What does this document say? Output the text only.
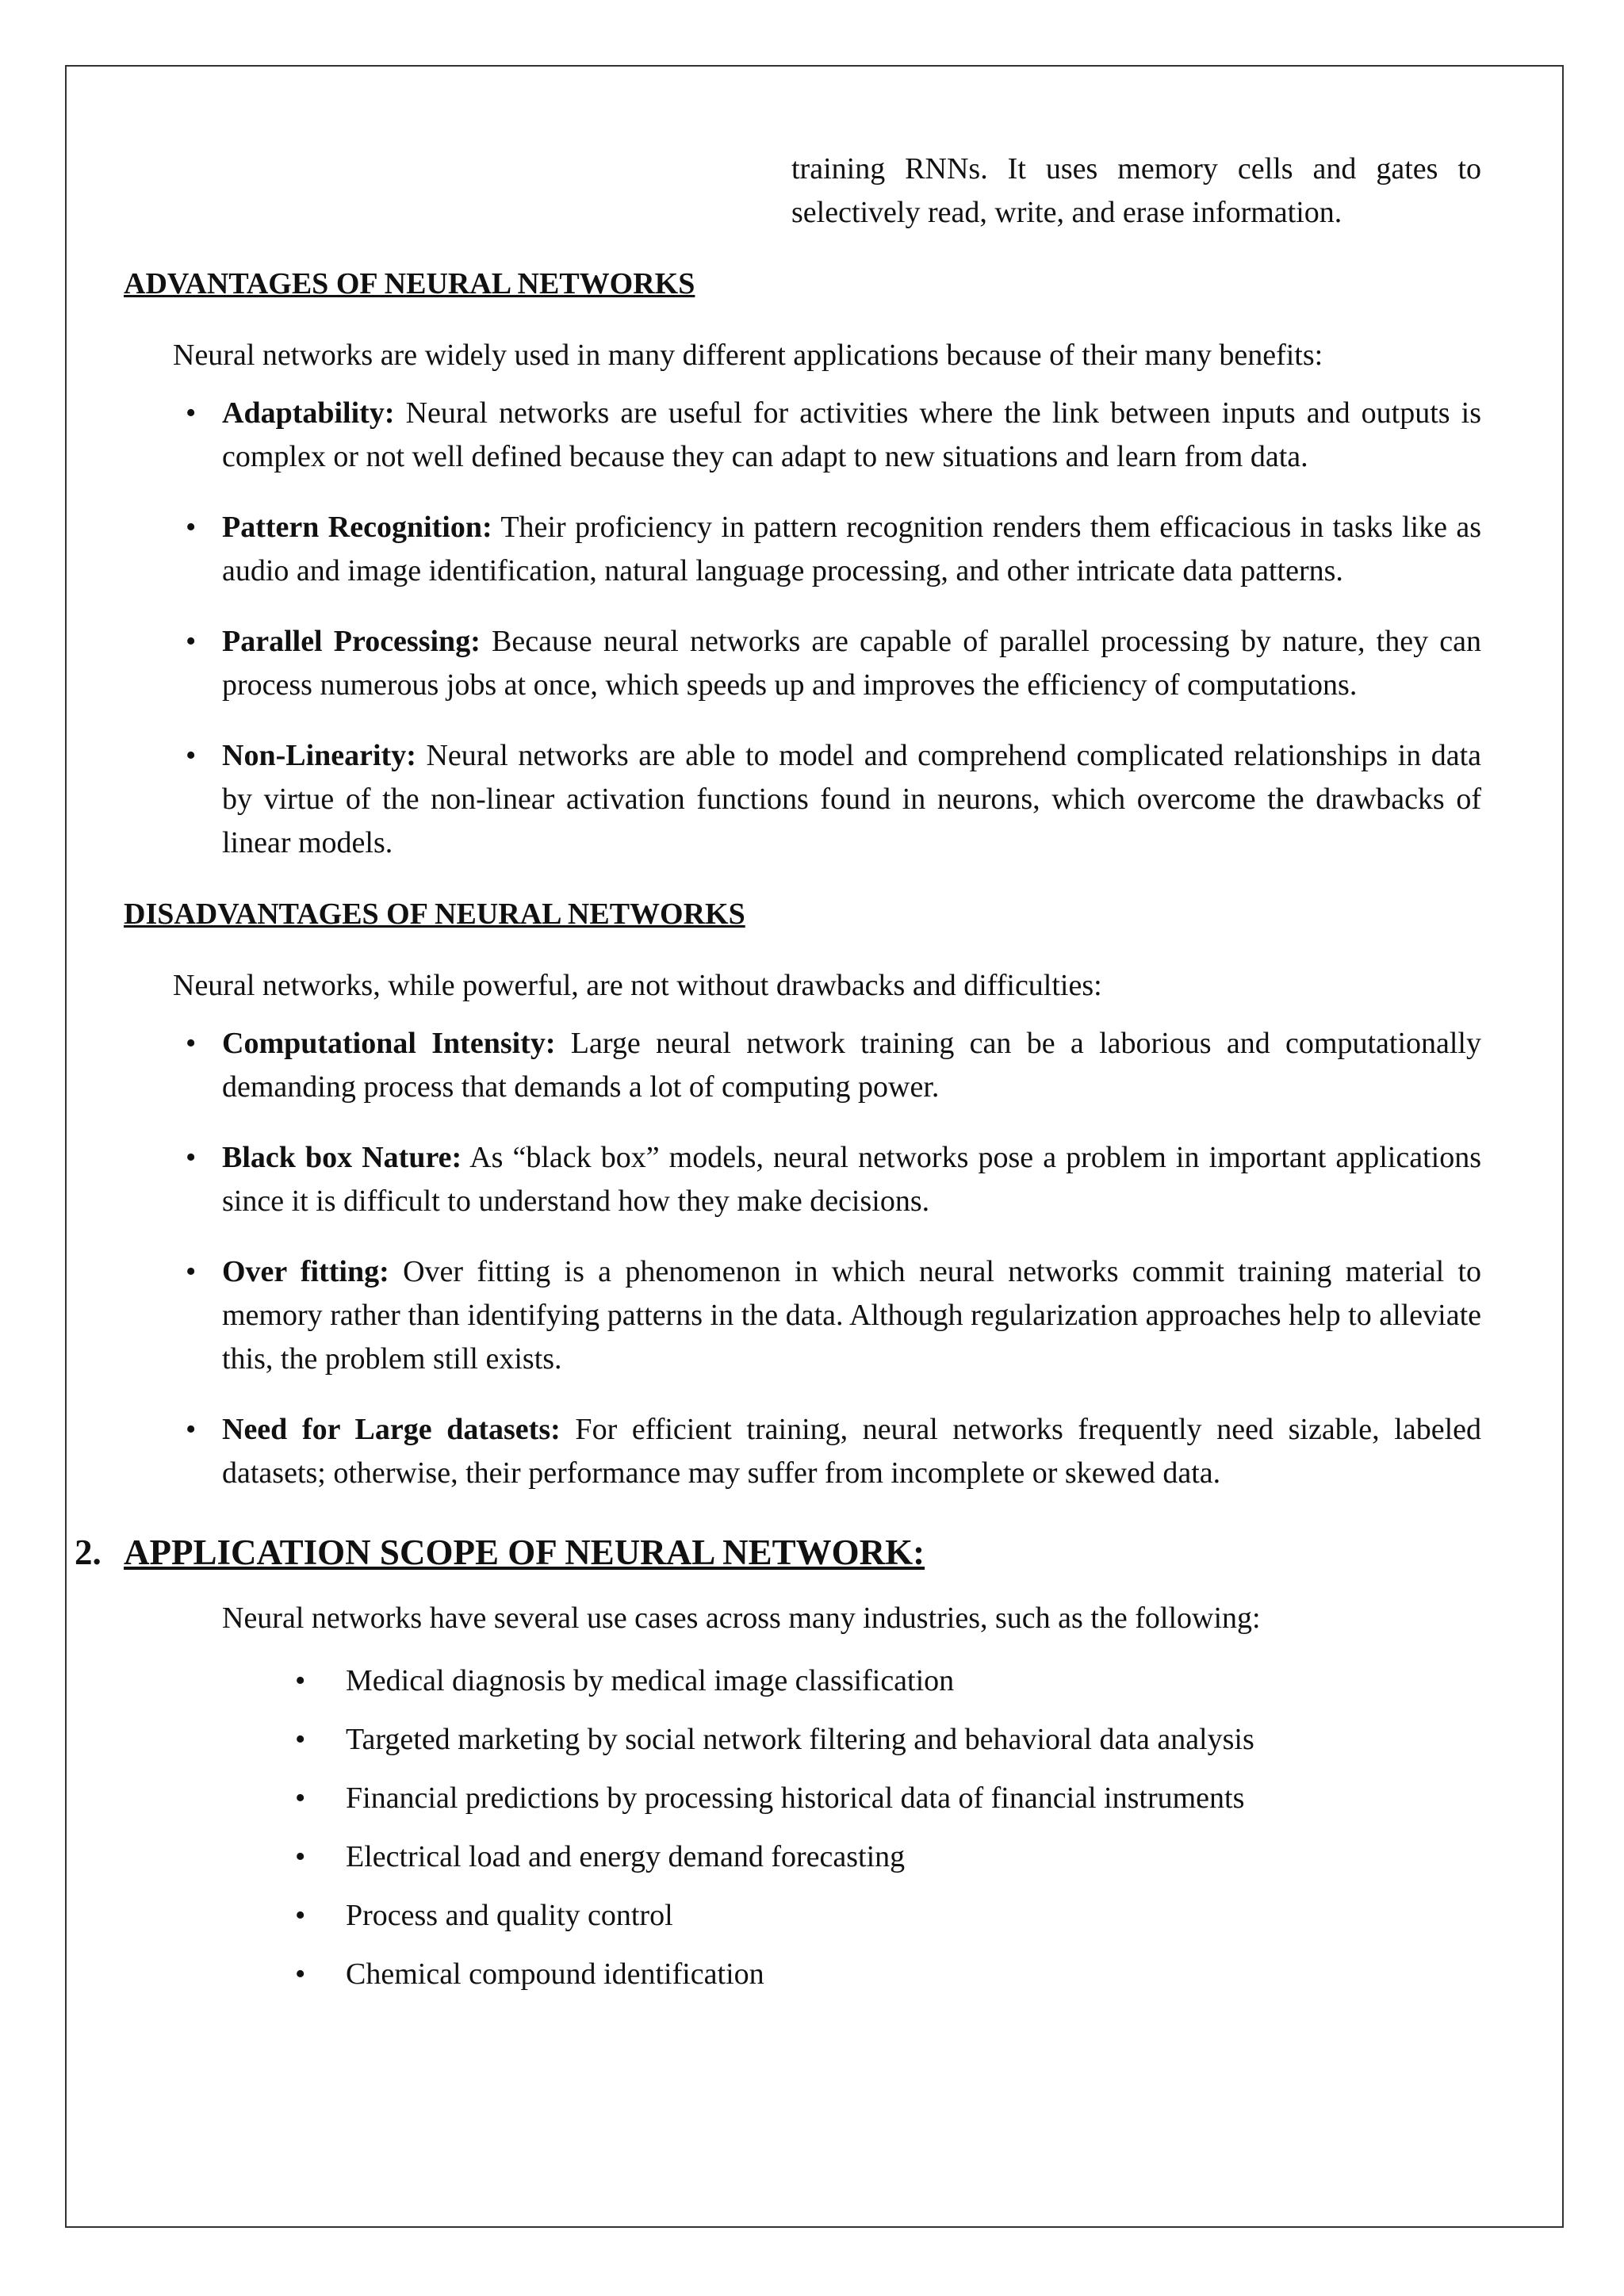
training RNNs. It uses memory cells and gates to selectively read, write, and erase information.

ADVANTAGES OF NEURAL NETWORKS
Neural networks are widely used in many different applications because of their many benefits:
• Adaptability: Neural networks are useful for activities where the link between inputs and outputs is complex or not well defined because they can adapt to new situations and learn from data.
• Pattern Recognition: Their proficiency in pattern recognition renders them efficacious in tasks like as audio and image identification, natural language processing, and other intricate data patterns.
• Parallel Processing: Because neural networks are capable of parallel processing by nature, they can process numerous jobs at once, which speeds up and improves the efficiency of computations.
• Non-Linearity: Neural networks are able to model and comprehend complicated relationships in data by virtue of the non-linear activation functions found in neurons, which overcome the drawbacks of linear models.
DISADVANTAGES OF NEURAL NETWORKS
Neural networks, while powerful, are not without drawbacks and difficulties:
• Computational Intensity: Large neural network training can be a laborious and computationally demanding process that demands a lot of computing power.
• Black box Nature: As “black box” models, neural networks pose a problem in important applications since it is difficult to understand how they make decisions.
• Over fitting: Over fitting is a phenomenon in which neural networks commit training material to memory rather than identifying patterns in the data. Although regularization approaches help to alleviate this, the problem still exists.
• Need for Large datasets: For efficient training, neural networks frequently need sizable, labeled datasets; otherwise, their performance may suffer from incomplete or skewed data.
2. APPLICATION SCOPE OF NEURAL NETWORK:
Neural networks have several use cases across many industries, such as the following:
• Medical diagnosis by medical image classification
• Targeted marketing by social network filtering and behavioral data analysis
• Financial predictions by processing historical data of financial instruments
• Electrical load and energy demand forecasting
• Process and quality control
• Chemical compound identification
